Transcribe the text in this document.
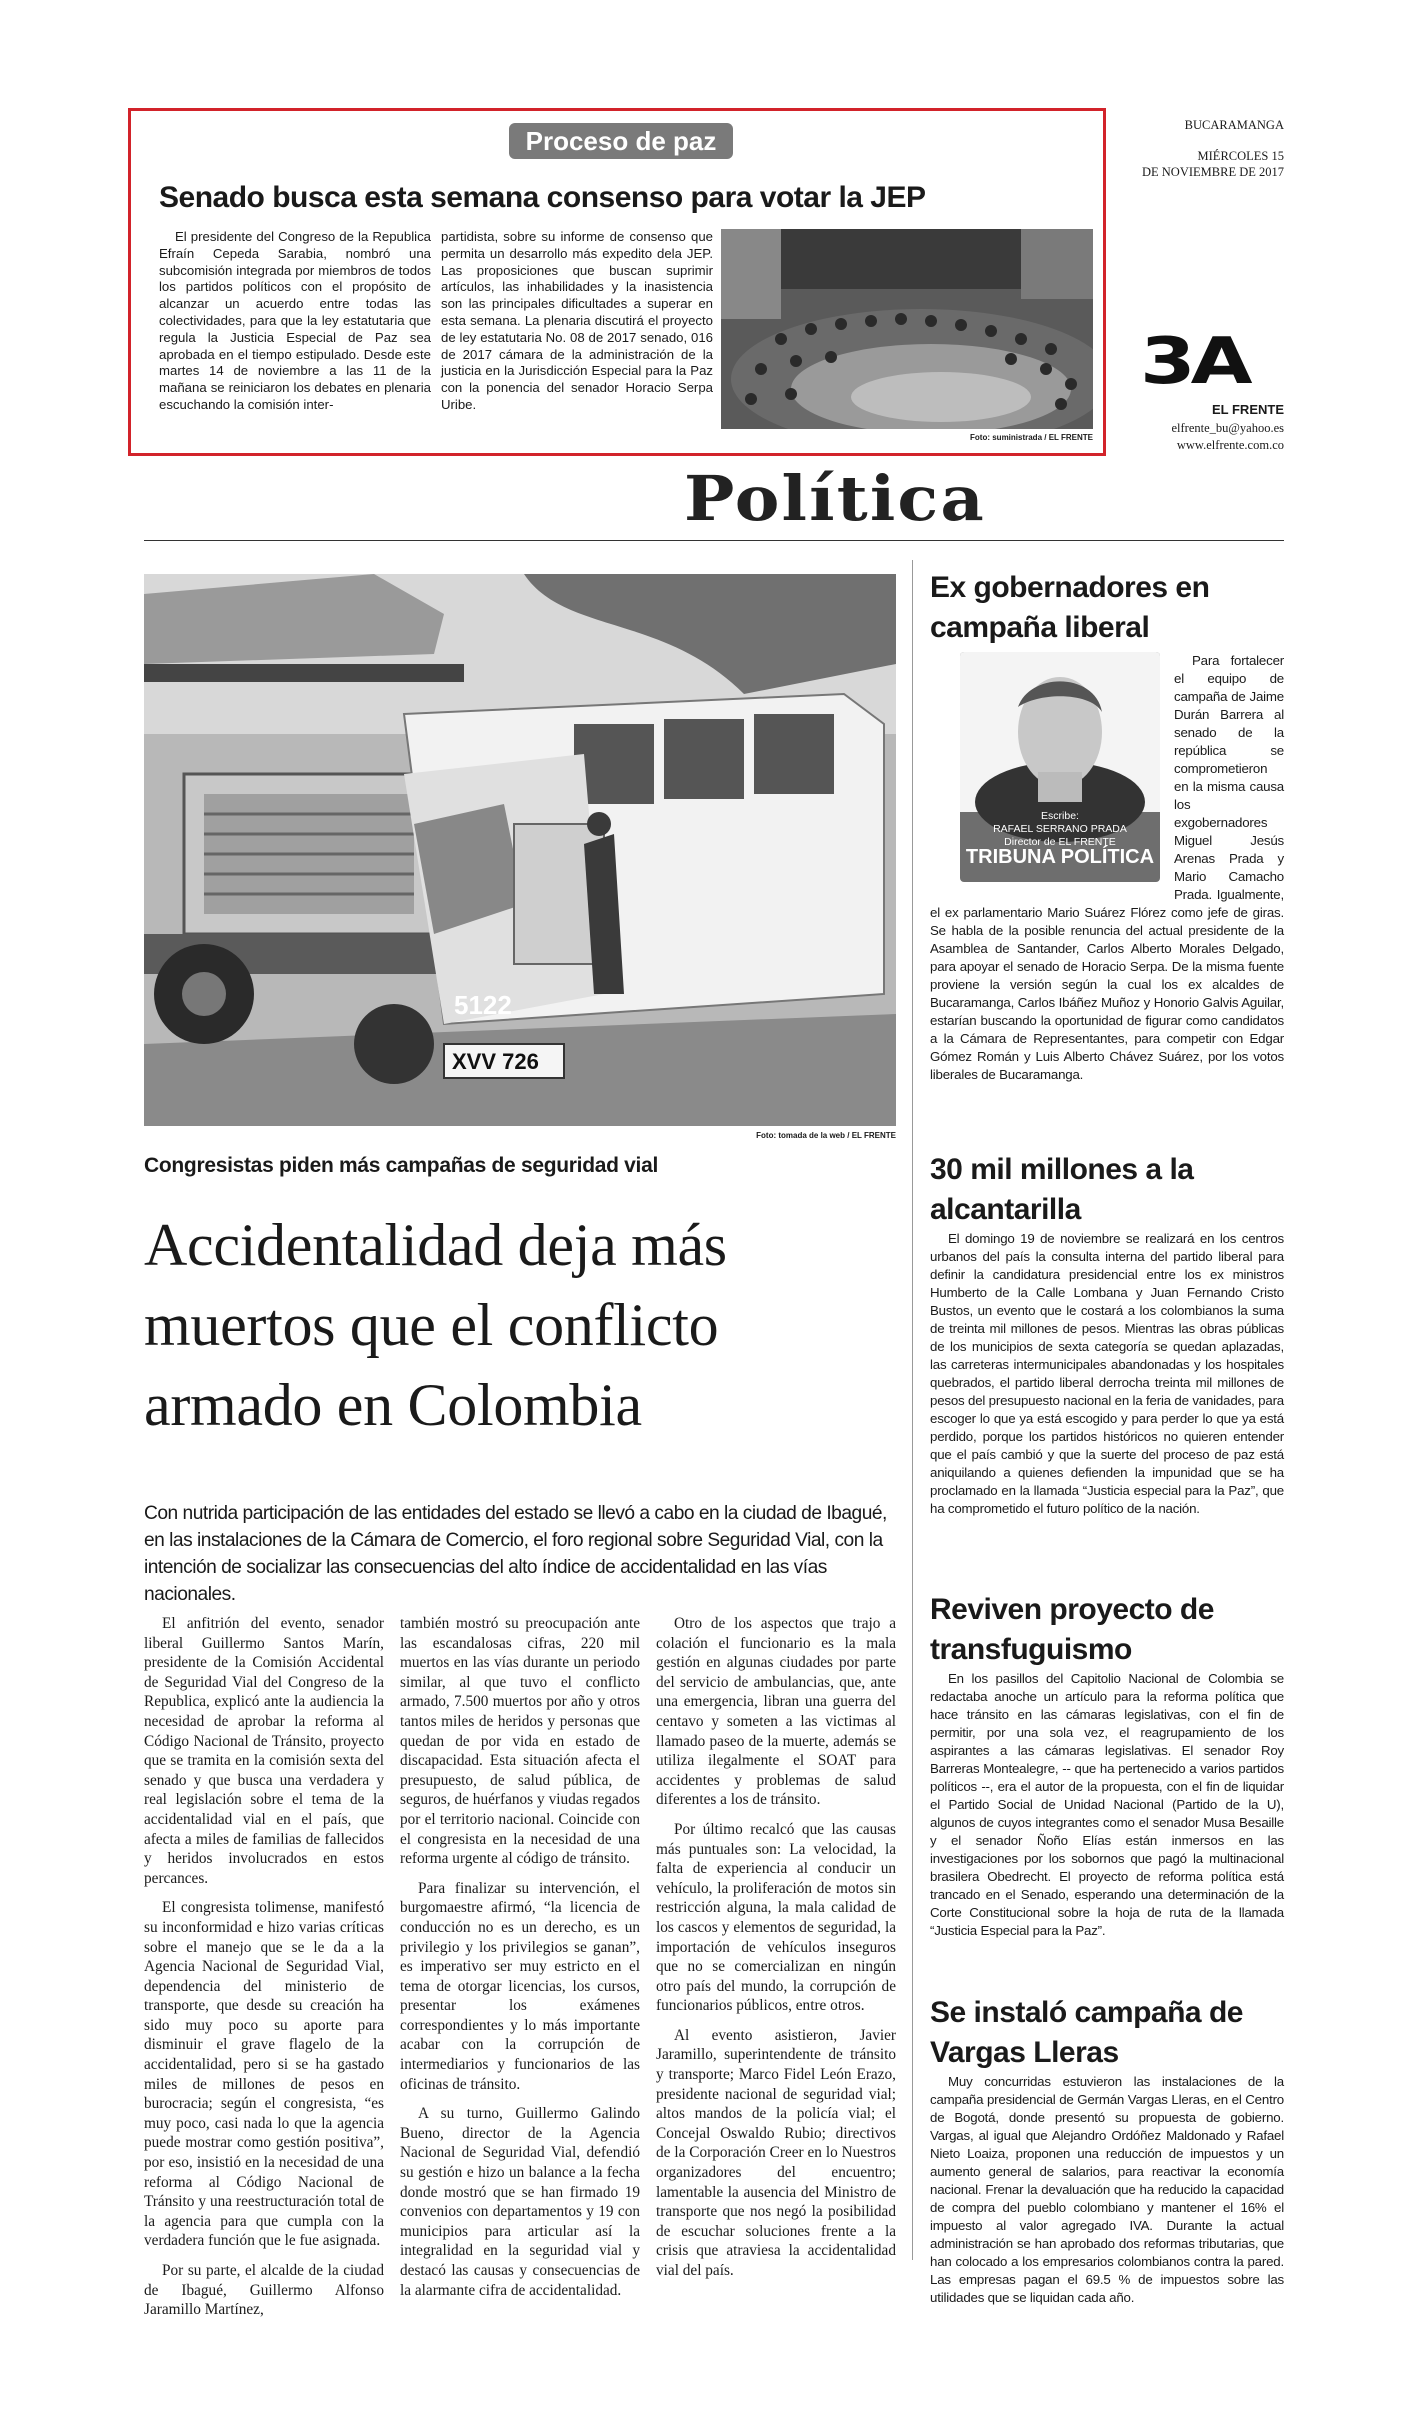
Proceso de paz
Senado busca esta semana consenso para votar la JEP
El presidente del Congreso de la Republica Efraín Cepeda Sarabia, nombró una subcomisión integrada por miembros de todos los partidos políticos con el propósito de alcanzar un acuerdo entre todas las colectividades, para que la ley estatutaria que regula la Justicia Especial de Paz sea aprobada en el tiempo estipulado. Desde este martes 14 de noviembre a las 11 de la mañana se reiniciaron los debates en plenaria escuchando la comisión inter-
partidista, sobre su informe de consenso que permita un desarrollo más expedito dela JEP. Las proposiciones que buscan suprimir artículos, las inhabilidades y la inasistencia son las principales dificultades a superar en esta semana. La plenaria discutirá el proyecto de ley estatutaria No. 08 de 2017 senado, 016 de 2017 cámara de la administración de la justicia en la Jurisdicción Especial para la Paz con la ponencia del senador Horacio Serpa Uribe.
Foto: suministrada / EL FRENTE
BUCARAMANGA
MIÉRCOLES 15
DE NOVIEMBRE DE 2017
3A
EL FRENTE
elfrente_bu@yahoo.es
www.elfrente.com.co
Política
5122
XVV 726
Foto: tomada de la web / EL FRENTE
Congresistas piden más campañas de seguridad vial
Accidentalidad deja más muertos que el conflicto armado en Colombia
Con nutrida participación de las entidades del estado se llevó a cabo en la ciudad de Ibagué, en las instalaciones de la Cámara de Comercio, el foro regional sobre Seguridad Vial, con la intención de socializar las consecuencias del alto índice de accidentalidad en las vías nacionales.

El anfitrión del evento, senador liberal Guillermo Santos Marín, presidente de la Comisión Accidental de Seguridad Vial del Congreso de la Republica, explicó ante la audiencia la necesidad de aprobar la reforma al Código Nacional de Tránsito, proyecto que se tramita en la comisión sexta del senado y que busca una verdadera y real legislación sobre el tema de la accidentalidad vial en el país, que afecta a miles de familias de fallecidos y heridos involucrados en estos percances.

El congresista tolimense, manifestó su inconformidad e hizo varias críticas sobre el manejo que se le da a la Agencia Nacional de Seguridad Vial, dependencia del ministerio de transporte, que desde su creación ha sido muy poco su aporte para disminuir el grave flagelo de la accidentalidad, pero si se ha gastado miles de millones de pesos en burocracia; según el congresista, “es muy poco, casi nada lo que la agencia puede mostrar como gestión positiva”, por eso, insistió en la necesidad de una reforma al Código Nacional de Tránsito y una reestructuración total de la agencia para que cumpla con la verdadera función que le fue asignada.

Por su parte, el alcalde de la ciudad de Ibagué, Guillermo Alfonso Jaramillo Martínez,

también mostró su preocupación ante las escandalosas cifras, 220 mil muertos en las vías durante un periodo similar, al que tuvo el conflicto armado, 7.500 muertos por año y otros tantos miles de heridos y personas que quedan de por vida en estado de discapacidad. Esta situación afecta el presupuesto, de salud pública, de seguros, de huérfanos y viudas regados por el territorio nacional. Coincide con el congresista en la necesidad de una reforma urgente al código de tránsito.

Para finalizar su intervención, el burgomaestre afirmó, “la licencia de conducción no es un derecho, es un privilegio y los privilegios se ganan”, es imperativo ser muy estricto en el tema de otorgar licencias, los cursos, presentar los exámenes correspondientes y lo más importante acabar con la corrupción de intermediarios y funcionarios de las oficinas de tránsito.

A su turno, Guillermo Galindo Bueno, director de la Agencia Nacional de Seguridad Vial, defendió su gestión e hizo un balance a la fecha donde mostró que se han firmado 19 convenios con departamentos y 19 con municipios para articular así la integralidad en la seguridad vial y destacó las causas y consecuencias de la alarmante cifra de accidentalidad.

Otro de los aspectos que trajo a colación el funcionario es la mala gestión en algunas ciudades por parte del servicio de ambulancias, que, ante una emergencia, libran una guerra del centavo y someten a las victimas al llamado paseo de la muerte, además se utiliza ilegalmente el SOAT para accidentes y problemas de salud diferentes a los de tránsito.

Por último recalcó que las causas más puntuales son: La velocidad, la falta de experiencia al conducir un vehículo, la proliferación de motos sin restricción alguna, la mala calidad de los cascos y elementos de seguridad, la importación de vehículos inseguros que no se comercializan en ningún otro país del mundo, la corrupción de funcionarios públicos, entre otros.

Al evento asistieron, Javier Jaramillo, superintendente de tránsito y transporte; Marco Fidel León Erazo, presidente nacional de seguridad vial; altos mandos de la policía vial; el Concejal Oswaldo Rubio; directivos de la Corporación Creer en lo Nuestros organizadores del encuentro; lamentable la ausencia del Ministro de transporte que nos negó la posibilidad de escuchar soluciones frente a la crisis que atraviesa la accidentalidad vial del país.

Ex gobernadores en campaña liberal
Escribe:
RAFAEL SERRANO PRADA
Director de EL FRENTE
TRIBUNA POLÍTICA
Para fortalecer el equipo de campaña de Jaime Durán Barrera al senado de la república se comprometieron en la misma causa los exgobernadores Miguel Jesús Arenas Prada y Mario Camacho Prada. Igualmente, el ex parlamentario Mario Suárez Flórez como jefe de giras. Se habla de la posible renuncia del actual presidente de la Asamblea de Santander, Carlos Alberto Morales Delgado, para apoyar el senado de Horacio Serpa. De la misma fuente proviene la versión según la cual los ex alcaldes de Bucaramanga, Carlos Ibáñez Muñoz y Honorio Galvis Aguilar, estarían buscando la oportunidad de figurar como candidatos a la Cámara de Representantes, para competir con Edgar Gómez Román y Luis Alberto Chávez Suárez, por los votos liberales de Bucaramanga.
30 mil millones a la alcantarilla
El domingo 19 de noviembre se realizará en los centros urbanos del país la consulta interna del partido liberal para definir la candidatura presidencial entre los ex ministros Humberto de la Calle Lombana y Juan Fernando Cristo Bustos, un evento que le costará a los colombianos la suma de treinta mil millones de pesos. Mientras las obras públicas de los municipios de sexta categoría se quedan aplazadas, las carreteras intermunicipales abandonadas y los hospitales quebrados, el partido liberal derrocha treinta mil millones de pesos del presupuesto nacional en la feria de vanidades, para escoger lo que ya está escogido y para perder lo que ya está perdido, porque los partidos históricos no quieren entender que el país cambió y que la suerte del proceso de paz está aniquilando a quienes defienden la impunidad que se ha proclamado en la llamada “Justicia especial para la Paz”, que ha comprometido el futuro político de la nación.
Reviven proyecto de transfuguismo
En los pasillos del Capitolio Nacional de Colombia se redactaba anoche un artículo para la reforma política que hace tránsito en las cámaras legislativas, con el fin de permitir, por una sola vez, el reagrupamiento de los aspirantes a las cámaras legislativas. El senador Roy Barreras Montealegre, -- que ha pertenecido a varios partidos políticos --, era el autor de la propuesta, con el fin de liquidar el Partido Social de Unidad Nacional (Partido de la U), algunos de cuyos integrantes como el senador Musa Besaille y el senador Ñoño Elías están inmersos en las investigaciones por los sobornos que pagó la multinacional brasilera Obedrecht. El proyecto de reforma política está trancado en el Senado, esperando una determinación de la Corte Constitucional sobre la hoja de ruta de la llamada “Justicia Especial para la Paz”.
Se instaló campaña de Vargas Lleras
Muy concurridas estuvieron las instalaciones de la campaña presidencial de Germán Vargas Lleras, en el Centro de Bogotá, donde presentó su propuesta de gobierno. Vargas, al igual que Alejandro Ordóñez Maldonado y Rafael Nieto Loaiza, proponen una reducción de impuestos y un aumento general de salarios, para reactivar la economía nacional. Frenar la devaluación que ha reducido la capacidad de compra del pueblo colombiano y mantener el 16% el impuesto al valor agregado IVA. Durante la actual administración se han aprobado dos reformas tributarias, que han colocado a los empresarios colombianos contra la pared. Las empresas pagan el 69.5 % de impuestos sobre las utilidades que se liquidan cada año.
